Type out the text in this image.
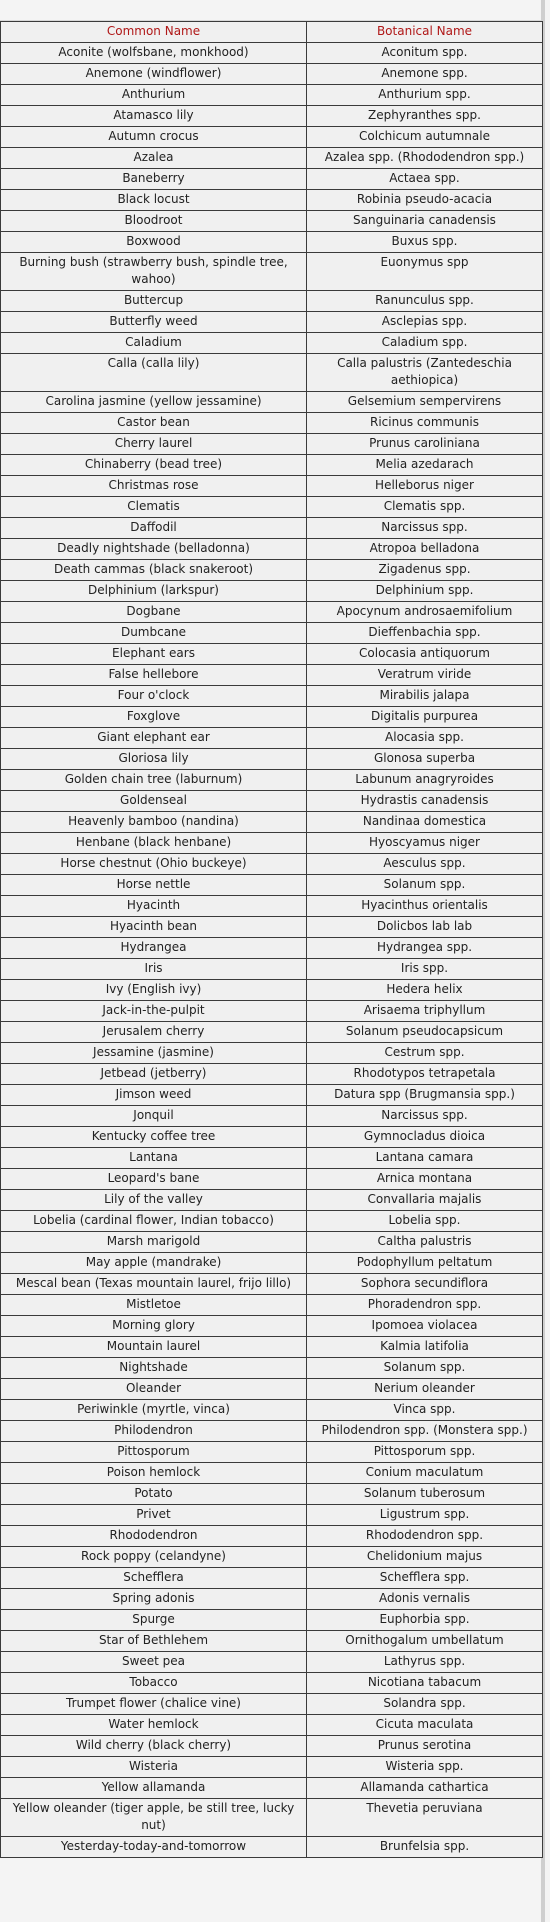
Common Name	Botanical Name
Aconite (wolfsbane, monkhood)	Aconitum spp.
Anemone (windflower)	Anemone spp.
Anthurium	Anthurium spp.
Atamasco lily	Zephyranthes spp.
Autumn crocus	Colchicum autumnale
Azalea	Azalea spp. (Rhododendron spp.)
Baneberry	Actaea spp.
Black locust	Robinia pseudo-acacia
Bloodroot	Sanguinaria canadensis
Boxwood	Buxus spp.
Burning bush (strawberry bush, spindle tree, wahoo)	Euonymus spp
Buttercup	Ranunculus spp.
Butterfly weed	Asclepias spp.
Caladium	Caladium spp.
Calla (calla lily)	Calla palustris (Zantedeschia aethiopica)
Carolina jasmine (yellow jessamine)	Gelsemium sempervirens
Castor bean	Ricinus communis
Cherry laurel	Prunus caroliniana
Chinaberry (bead tree)	Melia azedarach
Christmas rose	Helleborus niger
Clematis	Clematis spp.
Daffodil	Narcissus spp.
Deadly nightshade (belladonna)	Atropoa belladona
Death cammas (black snakeroot)	Zigadenus spp.
Delphinium (larkspur)	Delphinium spp.
Dogbane	Apocynum androsaemifolium
Dumbcane	Dieffenbachia spp.
Elephant ears	Colocasia antiquorum
False hellebore	Veratrum viride
Four o'clock	Mirabilis jalapa
Foxglove	Digitalis purpurea
Giant elephant ear	Alocasia spp.
Gloriosa lily	Glonosa superba
Golden chain tree (laburnum)	Labunum anagryroides
Goldenseal	Hydrastis canadensis
Heavenly bamboo (nandina)	Nandinaa domestica
Henbane (black henbane)	Hyoscyamus niger
Horse chestnut (Ohio buckeye)	Aesculus spp.
Horse nettle	Solanum spp.
Hyacinth	Hyacinthus orientalis
Hyacinth bean	Dolicbos lab lab
Hydrangea	Hydrangea spp.
Iris	Iris spp.
Ivy (English ivy)	Hedera helix
Jack-in-the-pulpit	Arisaema triphyllum
Jerusalem cherry	Solanum pseudocapsicum
Jessamine (jasmine)	Cestrum spp.
Jetbead (jetberry)	Rhodotypos tetrapetala
Jimson weed	Datura spp (Brugmansia spp.)
Jonquil	Narcissus spp.
Kentucky coffee tree	Gymnocladus dioica
Lantana	Lantana camara
Leopard's bane	Arnica montana
Lily of the valley	Convallaria majalis
Lobelia (cardinal flower, Indian tobacco)	Lobelia spp.
Marsh marigold	Caltha palustris
May apple (mandrake)	Podophyllum peltatum
Mescal bean (Texas mountain laurel, frijo lillo)	Sophora secundiflora
Mistletoe	Phoradendron spp.
Morning glory	Ipomoea violacea
Mountain laurel	Kalmia latifolia
Nightshade	Solanum spp.
Oleander	Nerium oleander
Periwinkle (myrtle, vinca)	Vinca spp.
Philodendron	Philodendron spp. (Monstera spp.)
Pittosporum	Pittosporum spp.
Poison hemlock	Conium maculatum
Potato	Solanum tuberosum
Privet	Ligustrum spp.
Rhododendron	Rhododendron spp.
Rock poppy (celandyne)	Chelidonium majus
Schefflera	Schefflera spp.
Spring adonis	Adonis vernalis
Spurge	Euphorbia spp.
Star of Bethlehem	Ornithogalum umbellatum
Sweet pea	Lathyrus spp.
Tobacco	Nicotiana tabacum
Trumpet flower (chalice vine)	Solandra spp.
Water hemlock	Cicuta maculata
Wild cherry (black cherry)	Prunus serotina
Wisteria	Wisteria spp.
Yellow allamanda	Allamanda cathartica
Yellow oleander (tiger apple, be still tree, lucky nut)	Thevetia peruviana
Yesterday-today-and-tomorrow	Brunfelsia spp.
